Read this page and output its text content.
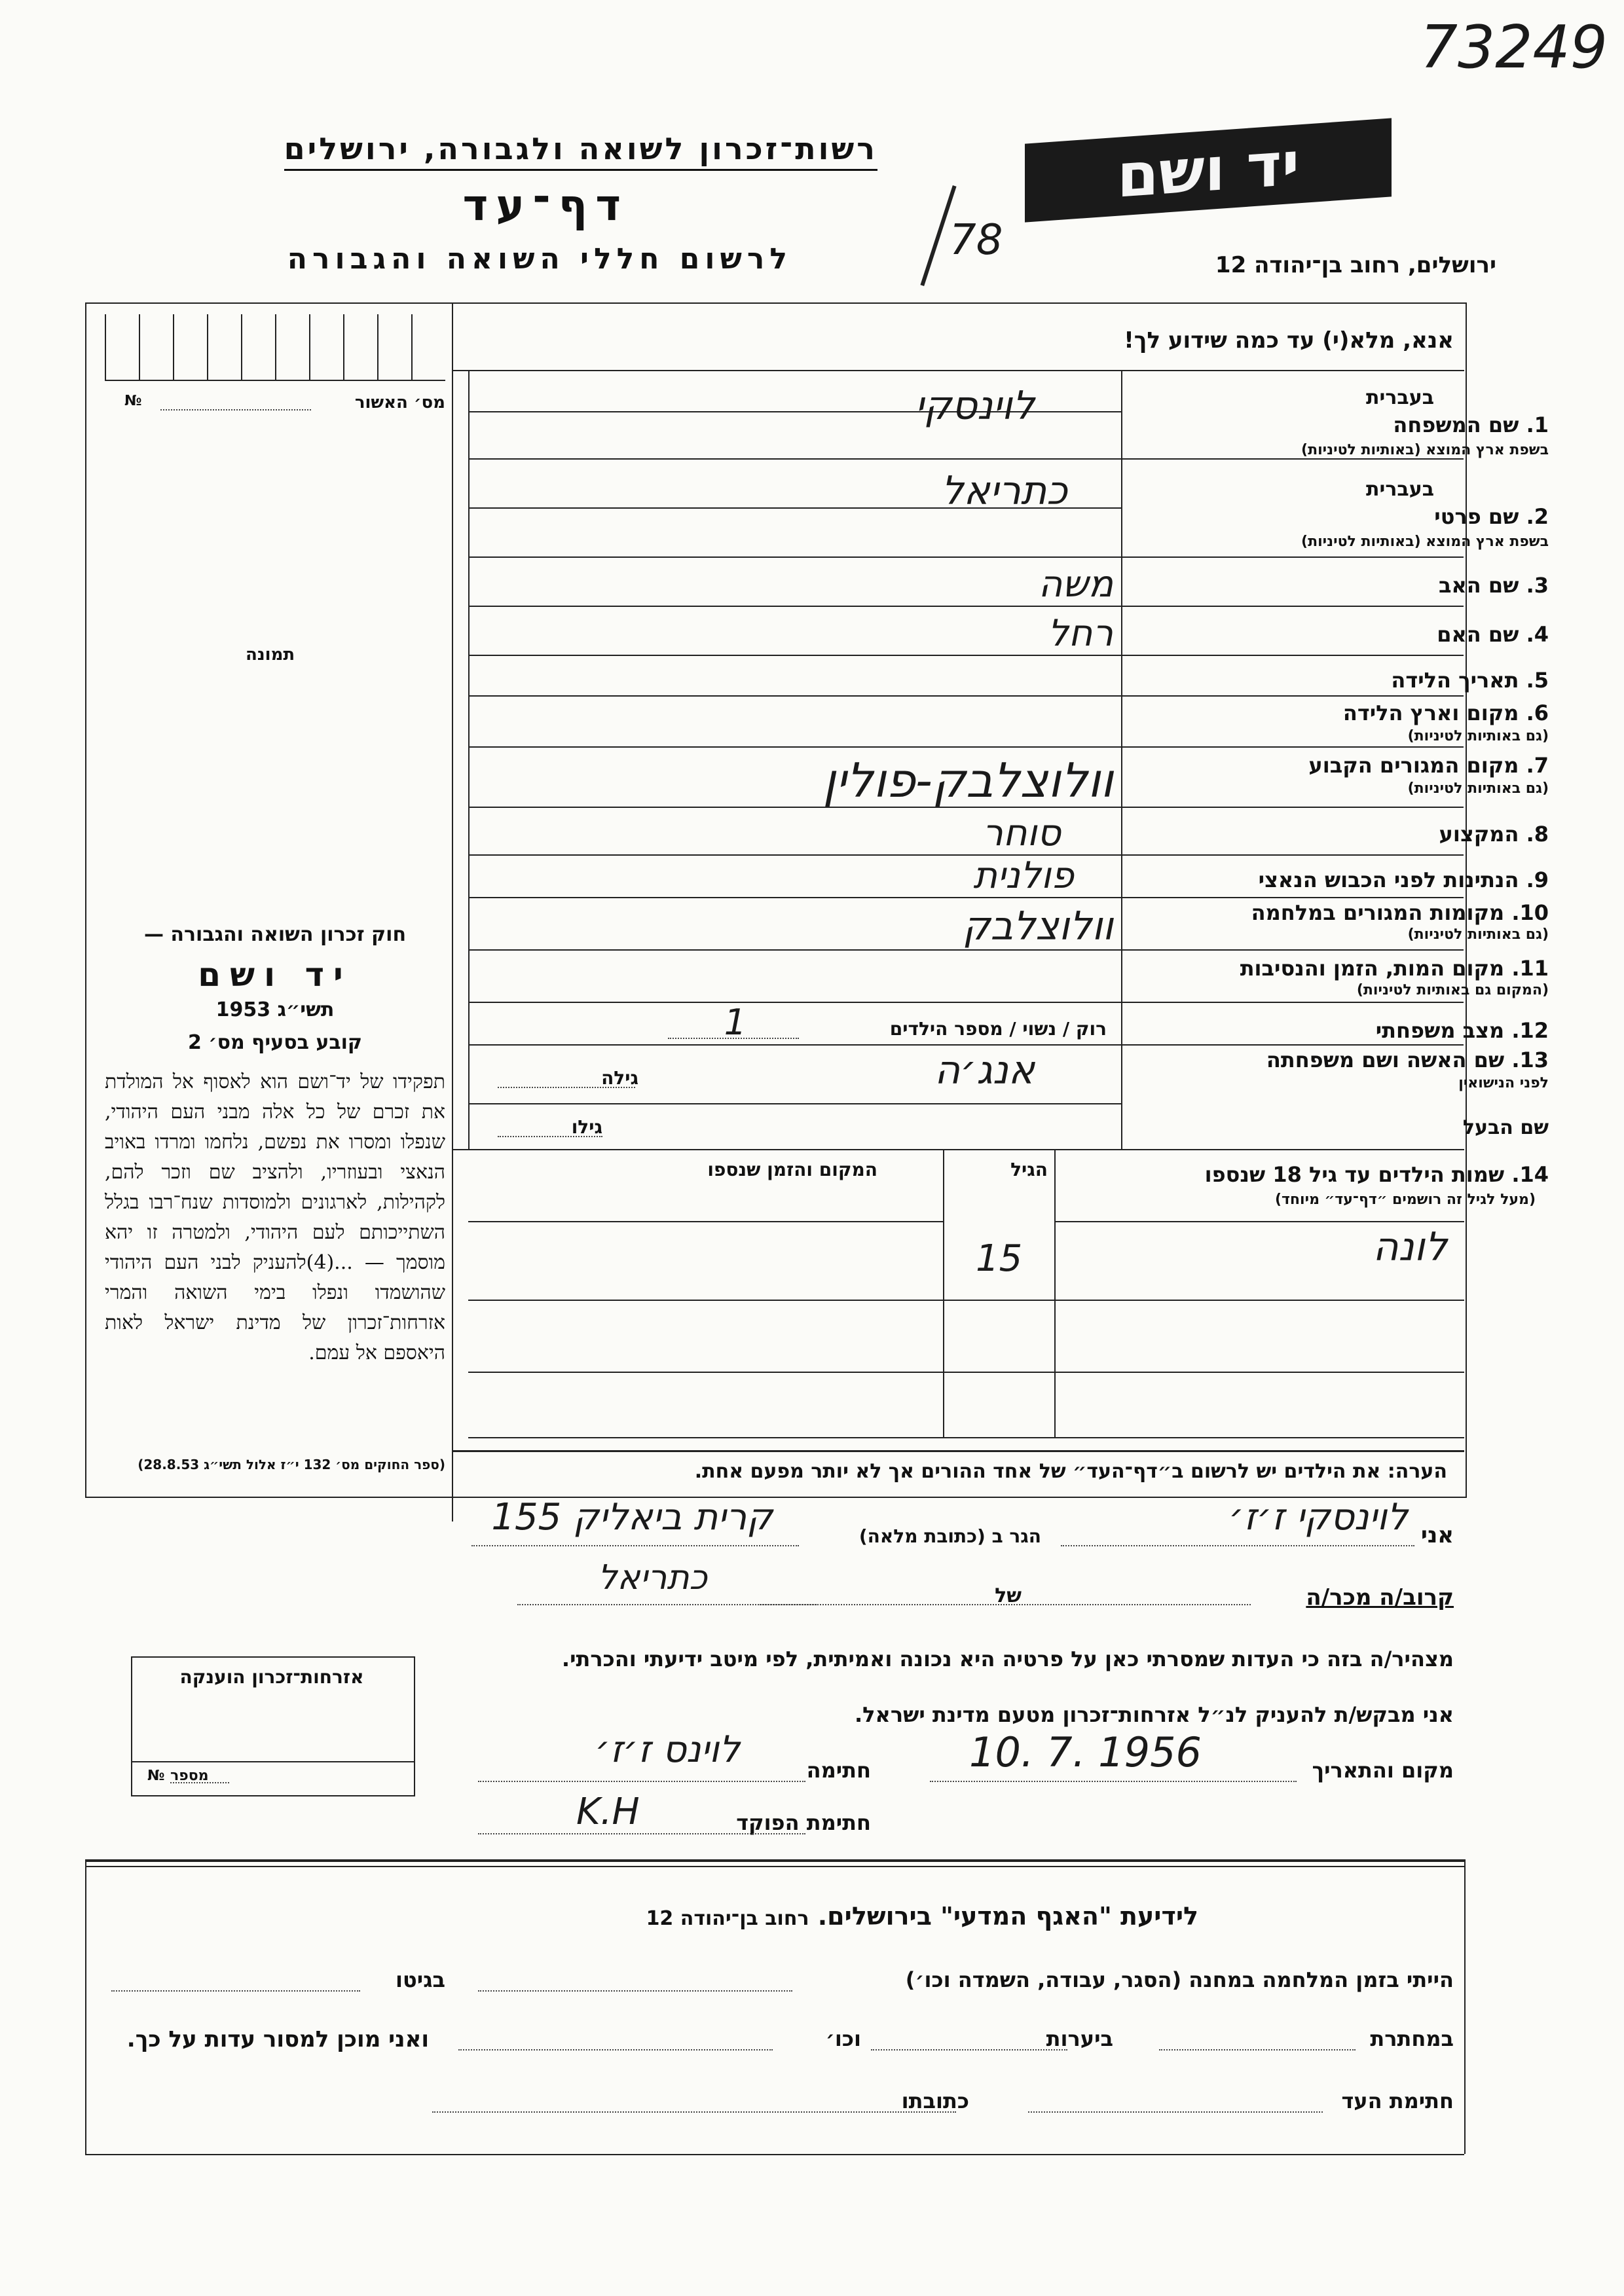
73249
רשות־זכרון לשואה ולגבורה, ירושלים
דף־עד
לרשום חללי השואה והגבורה
יד ושם
ירושלים, רחוב בן־יהודה 12
78
אנא, מלא(י) עד כמה שידוע לך!
מס׳ האשור
№
תמונה
בעברית
1. שם המשפחה
בשפת ארץ המוצא (באותיות לטיניות)
לוינסקי
בעברית
2. שם פרטי
בשפת ארץ המוצא (באותיות לטיניות)
כתריאל
3. שם האב
משה
4. שם האם
רחל
5. תאריך הלידה
6. מקום וארץ הלידה
(גם באותיות לטיניות)
7. מקום המגורים הקבוע
(גם באותיות לטיניות)
וולוצלבק-פולין
8. המקצוע
סוחר
9. הנתינות לפני הכבוש הנאצי
פולנית
10. מקומות המגורים במלחמה
(גם באותיות לטיניות)
וולוצלבק
11. מקום המות, הזמן והנסיבות
(המקום גם באותיות לטיניות)
12. מצב משפחתי
רוק / נשוי / מספר הילדים
1
13. שם האשה ושם משפחתה
לפני הנישואין
גילה	אנג׳ה
שם הבעל
גילו
14. שמות הילדים עד גיל 18 שנספו
(מעל לגיל זה רושמים ״דף־עד״ מיוחד)
הגיל
המקום והזמן שנספו
לונה
15
הערה: את הילדים יש לרשום ב״דף־העד״ של אחד ההורים אך לא יותר מפעם אחת.
חוק זכרון השואה והגבורה —
יד ושם
תשי״ג 1953
קובע בסעיף מס׳ 2
תפקידו של יד־ושם הוא לאסוף אל המולדת את זכרם של כל אלה מבני העם היהודי, שנפלו ומסרו את נפשם, נלחמו ומרדו באויב הנאצי ובעוזריו, ולהציב שם וזכר להם, לקהילות, לארגונים ולמוסדות שנח־רבו בגלל השתייכותם לעם היהודי, ולמטרה זו יהא מוסמך — ...(4)להעניק לבני העם היהודי שהושמדו ונפלו בימי השואה והמרי אזרחות־זכרון של מדינת ישראל לאות היאספם אל עמם.
(ספר החוקים מס׳ 132 י״ז אלול תשי״ג 28.8.53)
אני
לוינסקי ז׳ז׳
הגר ב (כתובת מלאה)
קרית ביאליק 155
קרוב/ה מכר/ה
של
כתריאל
מצהיר/ה בזה כי העדות שמסרתי כאן על פרטיה היא נכונה ואמיתית, לפי מיטב ידיעתי והכרתי.
אני מבקש/ת להעניק לנ״ל אזרחות־זכרון מטעם מדינת ישראל.
מקום והתאריך
10. 7. 1956
חתימה
לוינס ז׳ז׳
חתימת הפוקד
K.H
אזרחות־זכרון הוענקה
מספר
№
לידיעת "האגף המדעי" בירושלים. רחוב בן־יהודה 12
הייתי בזמן המלחמה במחנה (הסגר, עבודה, השמדה וכו׳)
בגיטו
במחתרת
ביערות
וכו׳
ואני מוכן למסור עדות על כך.
חתימת העד
כתובתו
